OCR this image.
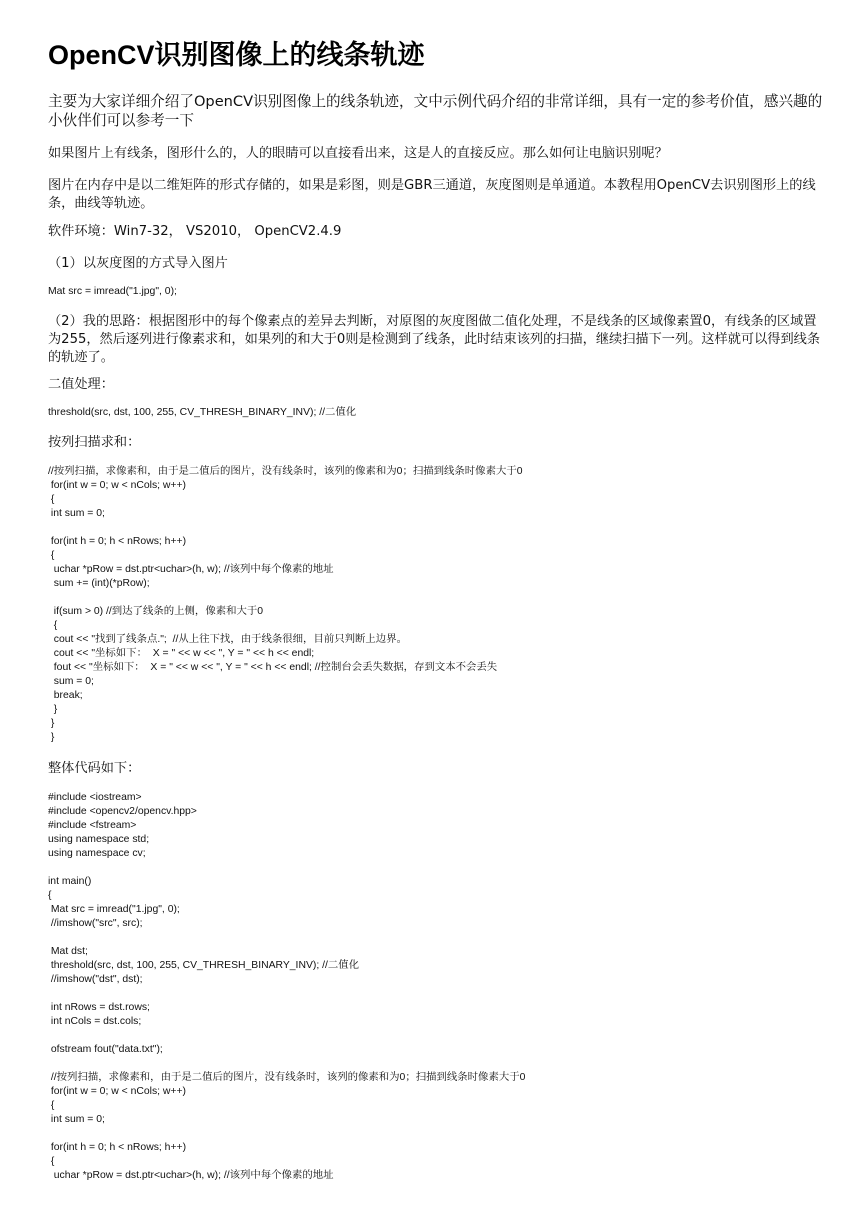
OpenCV识别图像上的线条轨迹

主要为大家详细介绍了OpenCV识别图像上的线条轨迹，文中示例代码介绍的非常详细，具有一定的参考价值，感兴趣的小伙伴们可以参考一下

如果图片上有线条，图形什么的，人的眼睛可以直接看出来，这是人的直接反应。那么如何让电脑识别呢？

图片在内存中是以二维矩阵的形式存储的，如果是彩图，则是GBR三通道，灰度图则是单通道。本教程用OpenCV去识别图形上的线条，曲线等轨迹。

软件环境：Win7-32， VS2010， OpenCV2.4.9

（1）以灰度图的方式导入图片

Mat src = imread("1.jpg", 0);

（2）我的思路：根据图形中的每个像素点的差异去判断，对原图的灰度图做二值化处理，不是线条的区域像素置0，有线条的区域置为255，然后逐列进行像素求和，如果列的和大于0则是检测到了线条，此时结束该列的扫描，继续扫描下一列。这样就可以得到线条的轨迹了。

二值处理：

threshold(src, dst, 100, 255, CV_THRESH_BINARY_INV); //二值化

按列扫描求和：

//按列扫描，求像素和，由于是二值后的图片，没有线条时，该列的像素和为0；扫描到线条时像素大于0
for(int w = 0; w < nCols; w++)
{
int sum = 0;

for(int h = 0; h < nRows; h++)
{
uchar *pRow = dst.ptr<uchar>(h, w); //该列中每个像素的地址
sum += (int)(*pRow);

if(sum > 0) //到达了线条的上侧，像素和大于0
{
cout << "找到了线条点.";  //从上往下找，由于线条很细，目前只判断上边界。
cout << "坐标如下：  X = " << w << ", Y = " << h << endl;
fout << "坐标如下：  X = " << w << ", Y = " << h << endl; //控制台会丢失数据，存到文本不会丢失
sum = 0;
break;
}
}
}

整体代码如下：

#include <iostream>
#include <opencv2/opencv.hpp>
#include <fstream>
using namespace std;
using namespace cv;

int main()
{
Mat src = imread("1.jpg", 0);
//imshow("src", src);

Mat dst;
threshold(src, dst, 100, 255, CV_THRESH_BINARY_INV); //二值化
//imshow("dst", dst);

int nRows = dst.rows;
int nCols = dst.cols;

ofstream fout("data.txt");

//按列扫描，求像素和，由于是二值后的图片，没有线条时，该列的像素和为0；扫描到线条时像素大于0
for(int w = 0; w < nCols; w++)
{
int sum = 0;

for(int h = 0; h < nRows; h++)
{
uchar *pRow = dst.ptr<uchar>(h, w); //该列中每个像素的地址
